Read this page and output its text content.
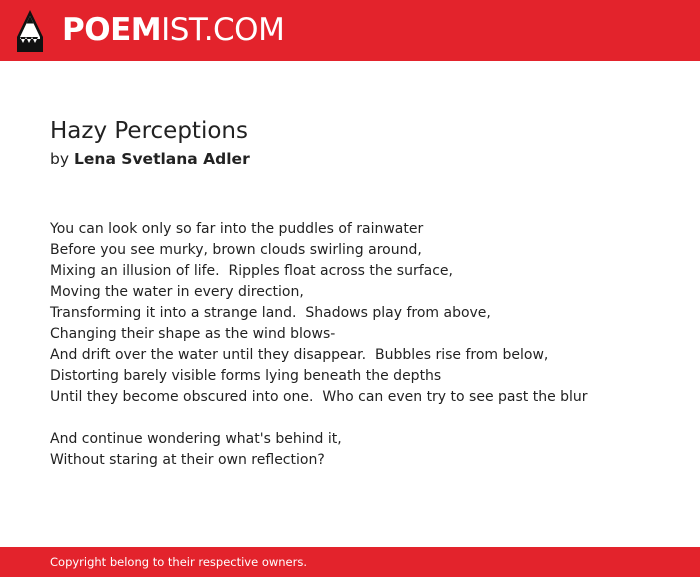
POEMIST.COM
Hazy Perceptions
by Lena Svetlana Adler
You can look only so far into the puddles of rainwater
Before you see murky, brown clouds swirling around,
Mixing an illusion of life.  Ripples float across the surface,
Moving the water in every direction,
Transforming it into a strange land.  Shadows play from above,
Changing their shape as the wind blows-
And drift over the water until they disappear.  Bubbles rise from below,
Distorting barely visible forms lying beneath the depths
Until they become obscured into one.  Who can even try to see past the blur
And continue wondering what's behind it,
Without staring at their own reflection?
Copyright belong to their respective owners.
